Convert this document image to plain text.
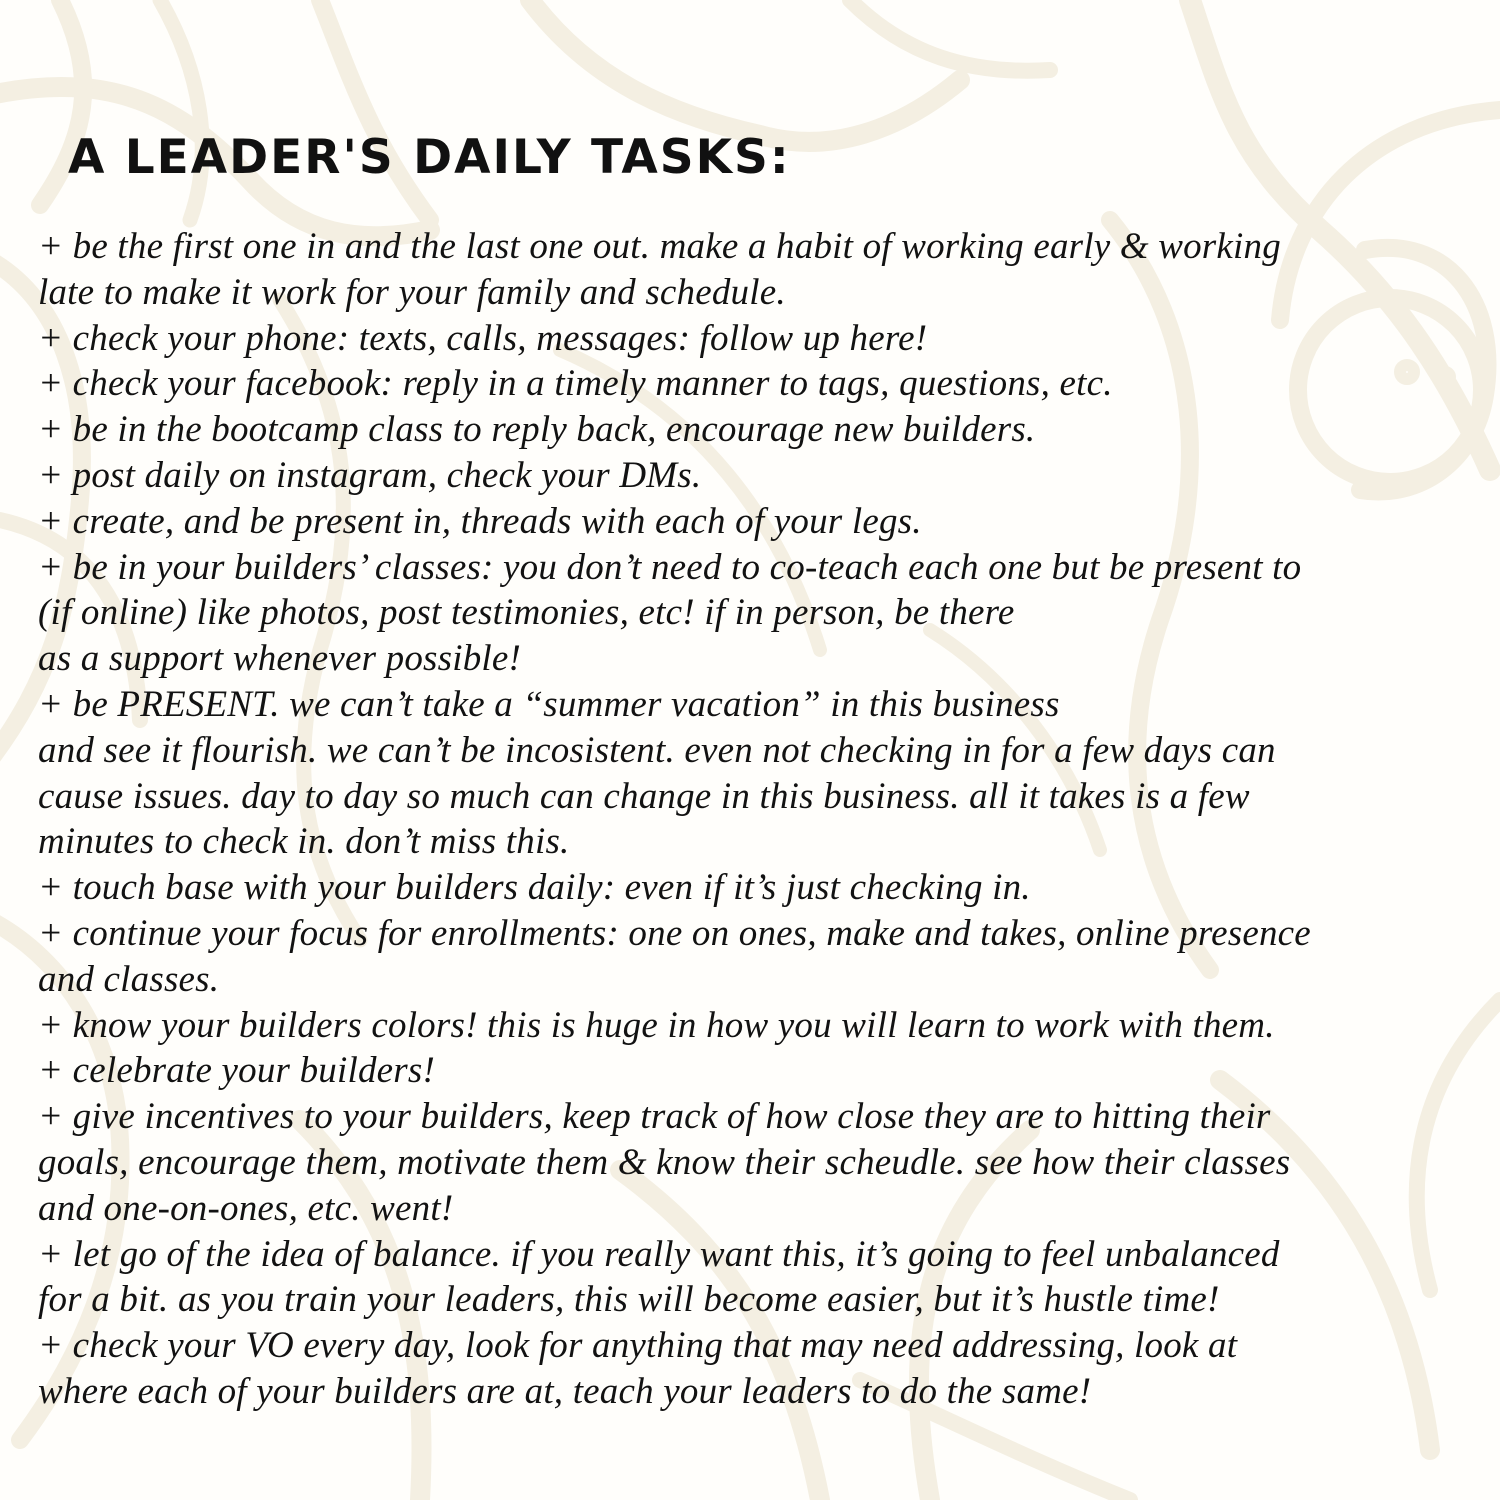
A LEADER'S DAILY TASKS:
+ be the first one in and the last one out. make a habit of working early & working
late to make it work for your family and schedule.
+ check your phone: texts, calls, messages: follow up here!
+ check your facebook: reply in a timely manner to tags, questions, etc.
+ be in the bootcamp class to reply back, encourage new builders.
+ post daily on instagram, check your DMs.
+ create, and be present in, threads with each of your legs.
+ be in your builders’ classes: you don’t need to co-teach each one but be present to
(if online) like photos, post testimonies, etc! if in person, be there
as a support whenever possible!
+ be PRESENT. we can’t take a “summer vacation” in this business
and see it flourish. we can’t be incosistent. even not checking in for a few days can
cause issues. day to day so much can change in this business. all it takes is a few
minutes to check in. don’t miss this.
+ touch base with your builders daily: even if it’s just checking in.
+ continue your focus for enrollments: one on ones, make and takes, online presence
and classes.
+ know your builders colors! this is huge in how you will learn to work with them.
+ celebrate your builders!
+ give incentives to your builders, keep track of how close they are to hitting their
goals, encourage them, motivate them & know their scheudle. see how their classes
and one-on-ones, etc. went!
+ let go of the idea of balance. if you really want this, it’s going to feel unbalanced
for a bit. as you train your leaders, this will become easier, but it’s hustle time!
+ check your VO every day, look for anything that may need addressing, look at
where each of your builders are at, teach your leaders to do the same!
